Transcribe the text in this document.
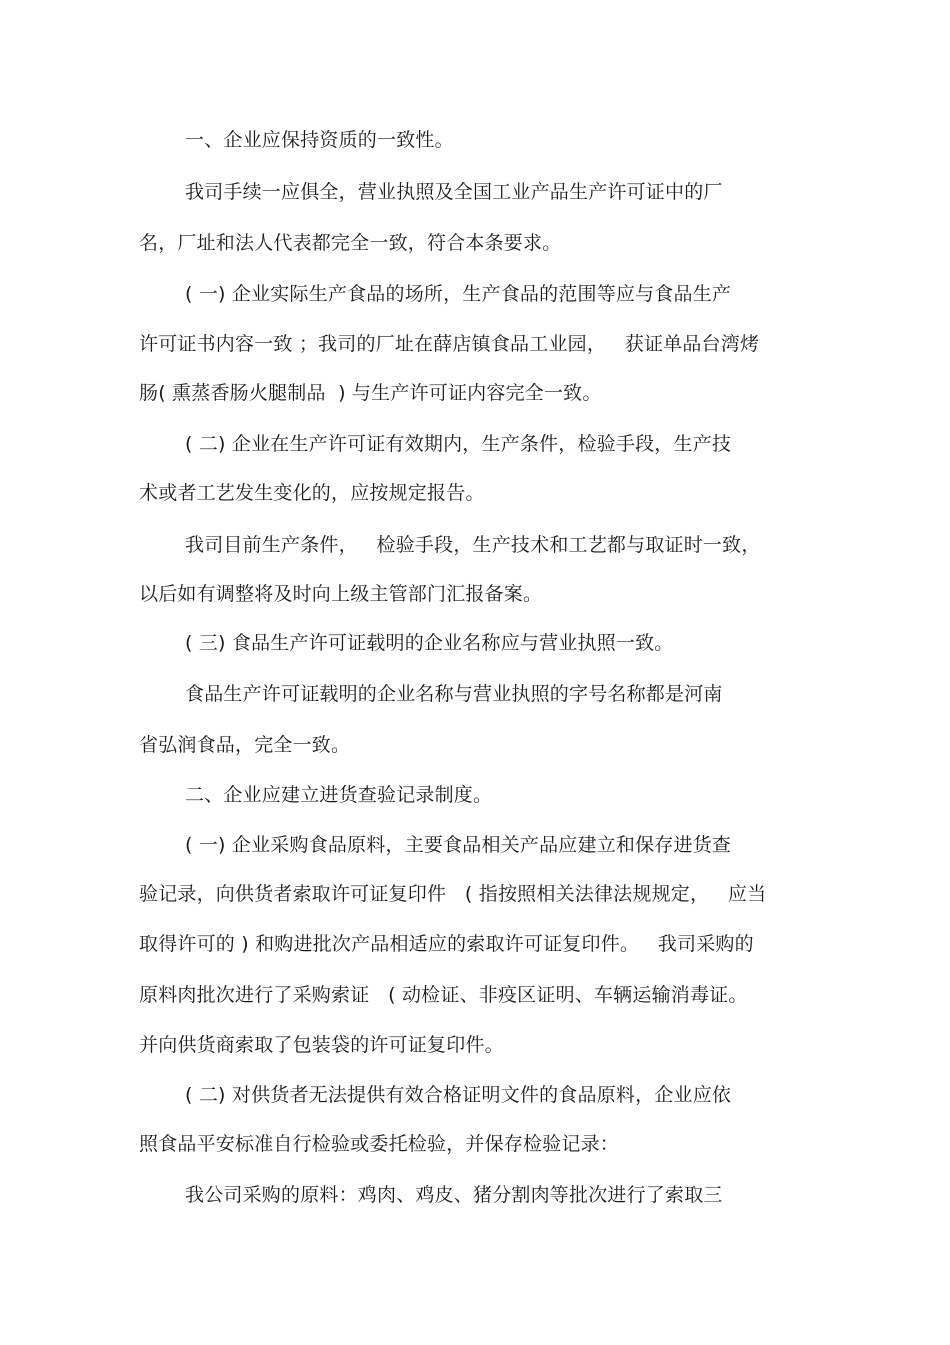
一、企业应保持资质的一致性。
我司手续一应俱全，营业执照及全国工业产品生产许可证中的厂
名，厂址和法人代表都完全一致，符合本条要求。
( 一) 企业实际生产食品的场所，生产食品的范围等应与食品生产
许可证书内容一致 ；我司的厂址在薛店镇食品工业园，   获证单品台湾烤
肠( 熏蒸香肠火腿制品  ) 与生产许可证内容完全一致。
( 二) 企业在生产许可证有效期内，生产条件，检验手段，生产技
术或者工艺发生变化的，应按规定报告。
我司目前生产条件，   检验手段，生产技术和工艺都与取证时一致，
以后如有调整将及时向上级主管部门汇报备案。
( 三) 食品生产许可证载明的企业名称应与营业执照一致。
食品生产许可证载明的企业名称与营业执照的字号名称都是河南
省弘润食品，完全一致。
二、企业应建立进货查验记录制度。
( 一) 企业采购食品原料，主要食品相关产品应建立和保存进货查
验记录，向供货者索取许可证复印件   ( 指按照相关法律法规规定，   应当
取得许可的 ) 和购进批次产品相适应的索取许可证复印件。   我司采购的
原料肉批次进行了采购索证   ( 动检证、非疫区证明、车辆运输消毒证。
并向供货商索取了包装袋的许可证复印件。
( 二) 对供货者无法提供有效合格证明文件的食品原料，企业应依
照食品平安标准自行检验或委托检验，并保存检验记录：
我公司采购的原料：鸡肉、鸡皮、猪分割肉等批次进行了索取三
